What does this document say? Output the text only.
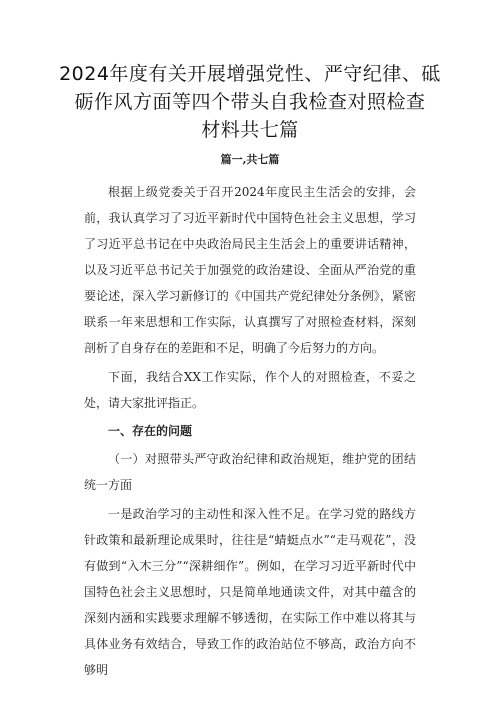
2024年度有关开展增强党性、严守纪律、砥
砺作风方面等四个带头自我检查对照检查
材料共七篇
篇一,共七篇

根据上级党委关于召开2024年度民主生活会的安排，会前，我认真学习了习近平新时代中国特色社会主义思想，学习了习近平总书记在中央政治局民主生活会上的重要讲话精神，以及习近平总书记关于加强党的政治建设、全面从严治党的重要论述，深入学习新修订的《中国共产党纪律处分条例》，紧密联系一年来思想和工作实际，认真撰写了对照检查材料，深刻剖析了自身存在的差距和不足，明确了今后努力的方向。

下面，我结合XX工作实际，作个人的对照检查，不妥之处，请大家批评指正。

一、存在的问题

（一）对照带头严守政治纪律和政治规矩，维护党的团结统一方面

一是政治学习的主动性和深入性不足。在学习党的路线方针政策和最新理论成果时，往往是“蜻蜓点水”“走马观花”，没有做到“入木三分”“深耕细作”。例如，在学习习近平新时代中国特色社会主义思想时，只是简单地通读文件，对其中蕴含的深刻内涵和实践要求理解不够透彻，在实际工作中难以将其与具体业务有效结合，导致工作的政治站位不够高，政治方向不够明
